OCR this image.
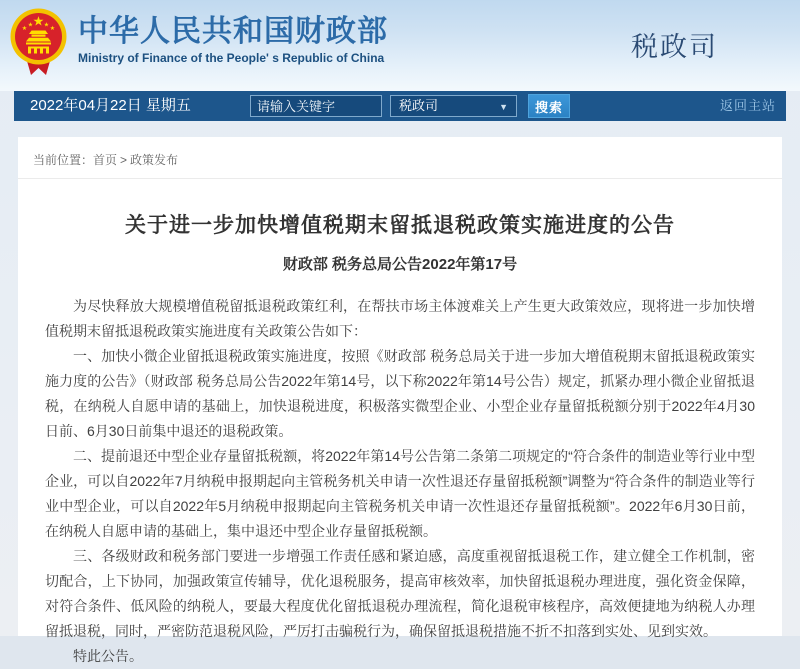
★
★
★ ★
★ 中华人民共和国财政部
Ministry of Finance of the People' s Republic of China	税政司
2022年04月22日 星期五
请输入关键字	税政司	▼	搜索	返回主站
当前位置：首页 > 政策发布
关于进一步加快增值税期末留抵退税政策实施进度的公告
财政部 税务总局公告2022年第17号

为尽快释放大规模增值税留抵退税政策红利，在帮扶市场主体渡难关上产生更大政策效应，现将进一步加快增值税期末留抵退税政策实施进度有关政策公告如下：

一、加快小微企业留抵退税政策实施进度，按照《财政部 税务总局关于进一步加大增值税期末留抵退税政策实施力度的公告》（财政部 税务总局公告2022年第14号，以下称2022年第14号公告）规定，抓紧办理小微企业留抵退税，在纳税人自愿申请的基础上，加快退税进度，积极落实微型企业、小型企业存量留抵税额分别于2022年4月30日前、6月30日前集中退还的退税政策。

二、提前退还中型企业存量留抵税额，将2022年第14号公告第二条第二项规定的“符合条件的制造业等行业中型企业，可以自2022年7月纳税申报期起向主管税务机关申请一次性退还存量留抵税额”调整为“符合条件的制造业等行业中型企业，可以自2022年5月纳税申报期起向主管税务机关申请一次性退还存量留抵税额”。2022年6月30日前，在纳税人自愿申请的基础上，集中退还中型企业存量留抵税额。

三、各级财政和税务部门要进一步增强工作责任感和紧迫感，高度重视留抵退税工作，建立健全工作机制，密切配合，上下协同，加强政策宣传辅导，优化退税服务，提高审核效率，加快留抵退税办理进度，强化资金保障，对符合条件、低风险的纳税人，要最大程度优化留抵退税办理流程，简化退税审核程序，高效便捷地为纳税人办理留抵退税，同时，严密防范退税风险，严厉打击骗税行为，确保留抵退税措施不折不扣落到实处、见到实效。

特此公告。
